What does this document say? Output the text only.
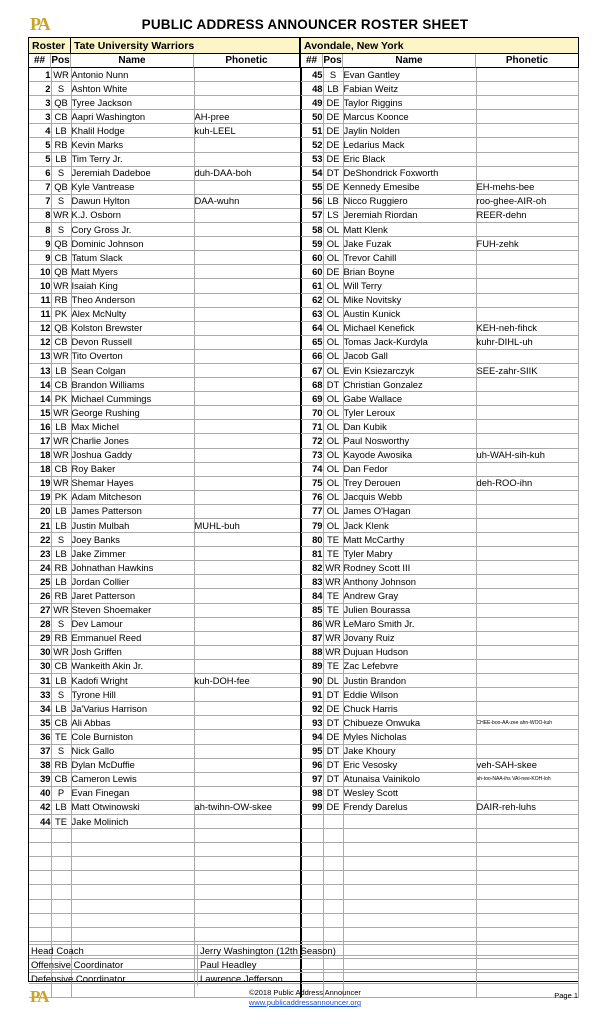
PA	PUBLIC ADDRESS ANNOUNCER ROSTER SHEET
Roster Tate University Warriors	Avondale, New York
## Pos	Name	Phonetic	## Pos	Name	Phonetic
1	WR	Antonio Nunn	
2	S	Ashton White	
3	QB	Tyree Jackson	
3	CB	Aapri Washington	AH-pree
4	LB	Khalil Hodge	kuh-LEEL
5	RB	Kevin Marks	
5	LB	Tim Terry Jr.	
6	S	Jeremiah Dadeboe	duh-DAA-boh
7	QB	Kyle Vantrease	
7	S	Dawun Hylton	DAA-wuhn
8	WR	K.J. Osborn	
8	S	Cory Gross Jr.	
9	QB	Dominic Johnson	
9	CB	Tatum Slack	
10	QB	Matt Myers	
10	WR	Isaiah King	
11	RB	Theo Anderson	
11	PK	Alex McNulty	
12	QB	Kolston Brewster	
12	CB	Devon Russell	
13	WR	Tito Overton	
13	LB	Sean Colgan	
14	CB	Brandon Williams	
14	PK	Michael Cummings	
15	WR	George Rushing	
16	LB	Max Michel	
17	WR	Charlie Jones	
18	WR	Joshua Gaddy	
18	CB	Roy Baker	
19	WR	Shemar Hayes	
19	PK	Adam Mitcheson	
20	LB	James Patterson	
21	LB	Justin Mulbah	MUHL-buh
22	S	Joey Banks	
23	LB	Jake Zimmer	
24	RB	Johnathan Hawkins	
25	LB	Jordan Collier	
26	RB	Jaret Patterson	
27	WR	Steven Shoemaker	
28	S	Dev Lamour	
29	RB	Emmanuel Reed	
30	WR	Josh Griffen	
30	CB	Wankeith Akin Jr.	
31	LB	Kadofi Wright	kuh-DOH-fee
33	S	Tyrone Hill	
34	LB	Ja'Varius Harrison	
35	CB	Ali Abbas	
36	TE	Cole Burniston	
37	S	Nick Gallo	
38	RB	Dylan McDuffie	
39	CB	Cameron Lewis	
40	P	Evan Finegan	
42	LB	Matt Otwinowski	ah-twihn-OW-skee
44	TE	Jake Molinich	

45	S	Evan Gantley	
48	LB	Fabian Weitz	
49	DE	Taylor Riggins	
50	DE	Marcus Koonce	
51	DE	Jaylin Nolden	
52	DE	Ledarius Mack	
53	DE	Eric Black	
54	DT	DeShondrick Foxworth	
55	DE	Kennedy Emesibe	EH-mehs-bee
56	LB	Nicco Ruggiero	roo-ghee-AIR-oh
57	LS	Jeremiah Riordan	REER-dehn
58	OL	Matt Klenk	
59	OL	Jake Fuzak	FUH-zehk
60	OL	Trevor Cahill	
60	DE	Brian Boyne	
61	OL	Will Terry	
62	OL	Mike Novitsky	
63	OL	Austin Kunick	
64	OL	Michael Kenefick	KEH-neh-fihck
65	OL	Tomas Jack-Kurdyla	kuhr-DIHL-uh
66	OL	Jacob Gall	
67	OL	Evin Ksiezarczyk	SEE-zahr-SIIK
68	DT	Christian Gonzalez	
69	OL	Gabe Wallace	
70	OL	Tyler Leroux	
71	OL	Dan Kubik	
72	OL	Paul Nosworthy	
73	OL	Kayode Awosika	uh-WAH-sih-kuh
74	OL	Dan Fedor	
75	OL	Trey Derouen	deh-ROO-ihn
76	OL	Jacquis Webb	
77	OL	James O'Hagan	
79	OL	Jack Klenk	
80	TE	Matt McCarthy	
81	TE	Tyler Mabry	
82	WR	Rodney Scott III	
83	WR	Anthony Johnson	
84	TE	Andrew Gray	
85	TE	Julien Bourassa	
86	WR	LeMaro Smith Jr.	
87	WR	Jovany Ruiz	
88	WR	Dujuan Hudson	
89	TE	Zac Lefebvre	
90	DL	Justin Brandon	
91	DT	Eddie Wilson	
92	DE	Chuck Harris	
93	DT	Chibueze Onwuka	CHEE-boo-AA-zee ahn-WOO-kuh
94	DE	Myles Nicholas	
95	DT	Jake Khoury	
96	DT	Eric Vesosky	veh-SAH-skee
97	DT	Atunaisa Vainikolo	ah-too-NAA-ihs VAI-nee-KOH-loh
98	DT	Wesley Scott	
99	DE	Frendy Darelus	DAIR-reh-luhs

Head Coach	Jerry Washington (12th Season)
Offensive Coordinator	Paul Headley
Defensive Coordinator	Lawrence Jefferson
PA	©2018 Public Address Announcer
www.publicaddressannouncer.org
Page 1
